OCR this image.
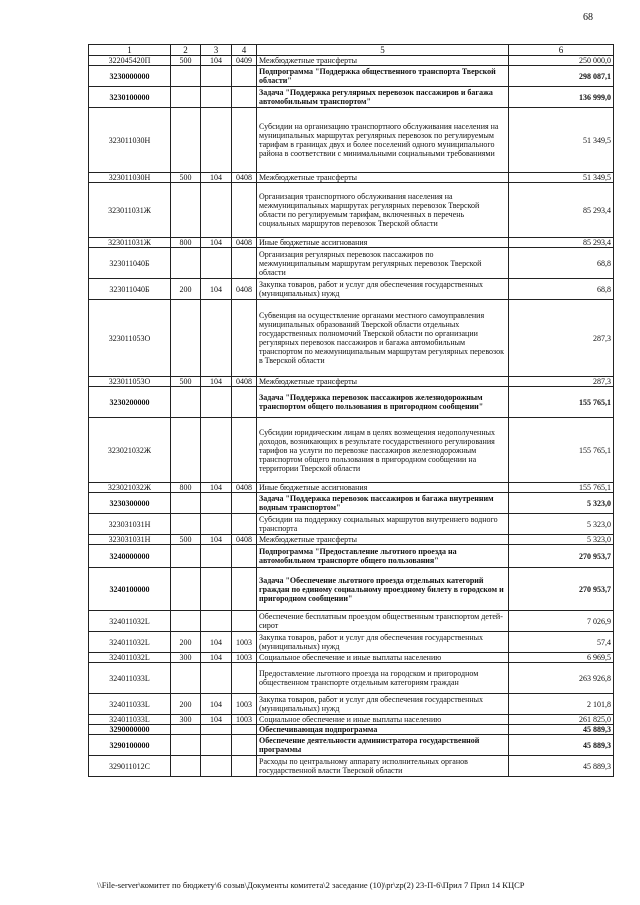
68
1	2	3	4	5	6
322045420П	500	104	0409	Межбюджетные трансферты	250 000,0
3230000000				Подпрограмма "Поддержка общественного транспорта Тверской области"	298 087,1
3230100000				Задача "Поддержка регулярных перевозок пассажиров и багажа автомобильным транспортом"	136 999,0
323011030Н				Субсидии на организацию транспортного обслуживания населения на муниципальных маршрутах регулярных перевозок по регулируемым тарифам в границах двух и более поселений одного муниципального района в соответствии с минимальными социальными требованиями	51 349,5
323011030Н	500	104	0408	Межбюджетные трансферты	51 349,5
323011031Ж				Организация транспортного обслуживания населения на межмуниципальных маршрутах регулярных перевозок Тверской области по регулируемым тарифам, включенных в перечень социальных маршрутов перевозок Тверской области	85 293,4
323011031Ж	800	104	0408	Иные бюджетные ассигнования	85 293,4
323011040Б				Организация регулярных перевозок пассажиров по межмуниципальным маршрутам регулярных перевозок Тверской области	68,8
323011040Б	200	104	0408	Закупка товаров, работ и услуг для обеспечения государственных (муниципальных) нужд	68,8
323011053О				Субвенция на осуществление органами местного самоуправления муниципальных образований Тверской области отдельных государственных полномочий Тверской области по организации регулярных перевозок пассажиров и багажа автомобильным транспортом по межмуниципальным маршрутам регулярных перевозок в Тверской области	287,3
323011053О	500	104	0408	Межбюджетные трансферты	287,3
3230200000				Задача "Поддержка перевозок пассажиров железнодорожным транспортом общего пользования в пригородном сообщении"	155 765,1
323021032Ж				Субсидии юридическим лицам в целях возмещения недополученных доходов, возникающих в результате государственного регулирования тарифов на услуги по перевозке пассажиров железнодорожным транспортом общего пользования в пригородном сообщении на территории Тверской области	155 765,1
323021032Ж	800	104	0408	Иные бюджетные ассигнования	155 765,1
3230300000				Задача "Поддержка перевозок пассажиров и багажа внутренним водным транспортом"	5 323,0
323031031Н				Субсидии на поддержку социальных маршрутов внутреннего водного транспорта	5 323,0
323031031Н	500	104	0408	Межбюджетные трансферты	5 323,0
3240000000				Подпрограмма "Предоставление льготного проезда на автомобильном транспорте общего пользования"	270 953,7
3240100000				Задача "Обеспечение льготного проезда отдельных категорий граждан по единому социальному проездному билету в городском и пригородном сообщении"	270 953,7
324011032L				Обеспечение бесплатным проездом общественным транспортом детей-сирот	7 026,9
324011032L	200	104	1003	Закупка товаров, работ и услуг для обеспечения государственных (муниципальных) нужд	57,4
324011032L	300	104	1003	Социальное обеспечение и иные выплаты населению	6 969,5
324011033L				Предоставление льготного проезда на городском и пригородном общественном транспорте отдельным категориям граждан	263 926,8
324011033L	200	104	1003	Закупка товаров, работ и услуг для обеспечения государственных (муниципальных) нужд	2 101,8
324011033L	300	104	1003	Социальное обеспечение и иные выплаты населению	261 825,0
3290000000				Обеспечивающая подпрограмма	45 889,3
3290100000				Обеспечение деятельности администратора государственной программы	45 889,3
329011012С				Расходы по центральному аппарату исполнительных органов государственной власти Тверской области	45 889,3
\\File-server\комитет по бюджету\6 созыв\Документы комитета\2 заседание (10)\pr\zp(2) 23-П-6\Прил 7 Прил 14 КЦСР
